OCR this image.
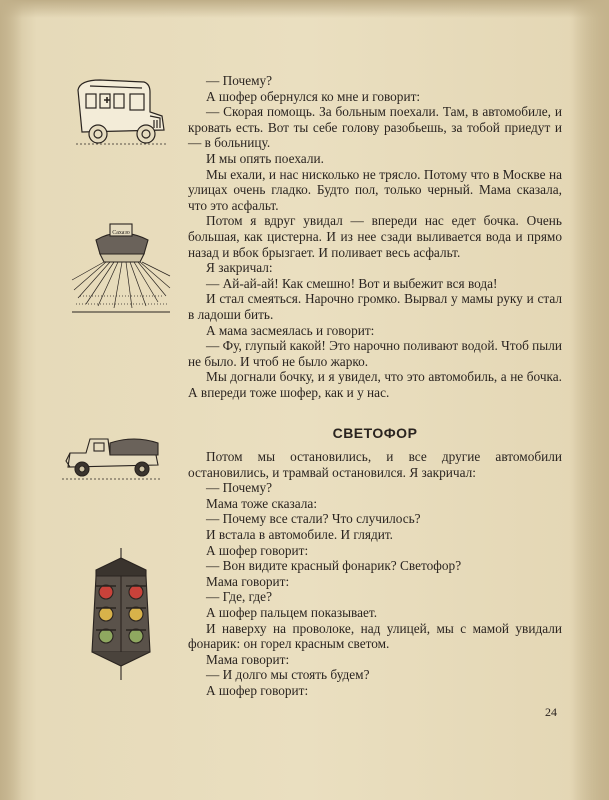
Сахазо

— Почему?

А шофер обернулся ко мне и говорит:

— Скорая помощь. За больным поехали. Там, в автомобиле, и кровать есть. Вот ты себе голову разобьешь, за тобой приедут и — в больницу.

И мы опять поехали.

Мы ехали, и нас нисколько не трясло. Потому что в Москве на улицах очень гладко. Будто пол, только черный. Мама сказала, что это асфальт.

Потом я вдруг увидал — впереди нас едет бочка. Очень большая, как цистерна. И из нее сзади выливается вода и прямо назад и вбок брызгает. И поливает весь асфальт.

Я закричал:

— Ай-ай-ай! Как смешно! Вот и выбежит вся вода!

И стал смеяться. Нарочно громко. Вырвал у мамы руку и стал в ладоши бить.

А мама засмеялась и говорит:

— Фу, глупый какой! Это нарочно поливают водой. Чтоб пыли не было. И чтоб не было жарко.

Мы догнали бочку, и я увидел, что это автомобиль, а не бочка. А впереди тоже шофер, как и у нас.

СВЕТОФОР

Потом мы остановились, и все другие автомобили остановились, и трамвай остановился. Я закричал:

— Почему?

Мама тоже сказала:

— Почему все стали? Что случилось?

И встала в автомобиле. И глядит.

А шофер говорит:

— Вон видите красный фонарик? Светофор?

Мама говорит:

— Где, где?

А шофер пальцем показывает.

И наверху на проволоке, над улицей, мы с мамой увидали фонарик: он горел красным светом.

Мама говорит:

— И долго мы стоять будем?

А шофер говорит:

24
